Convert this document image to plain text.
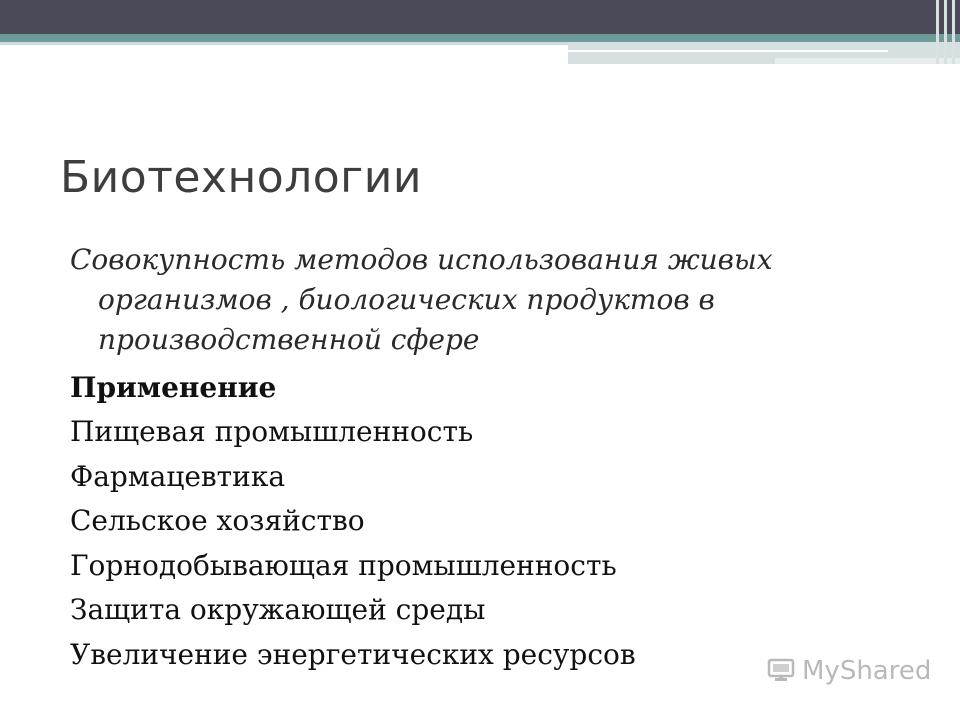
Биотехнологии

Совокупность методов использования живых организмов , биологических продуктов в производственной сфере

Применение

Пищевая промышленность
Фармацевтика
Сельское хозяйство
Горнодобывающая промышленность
Защита окружающей среды
Увеличение энергетических ресурсов
MyShared
